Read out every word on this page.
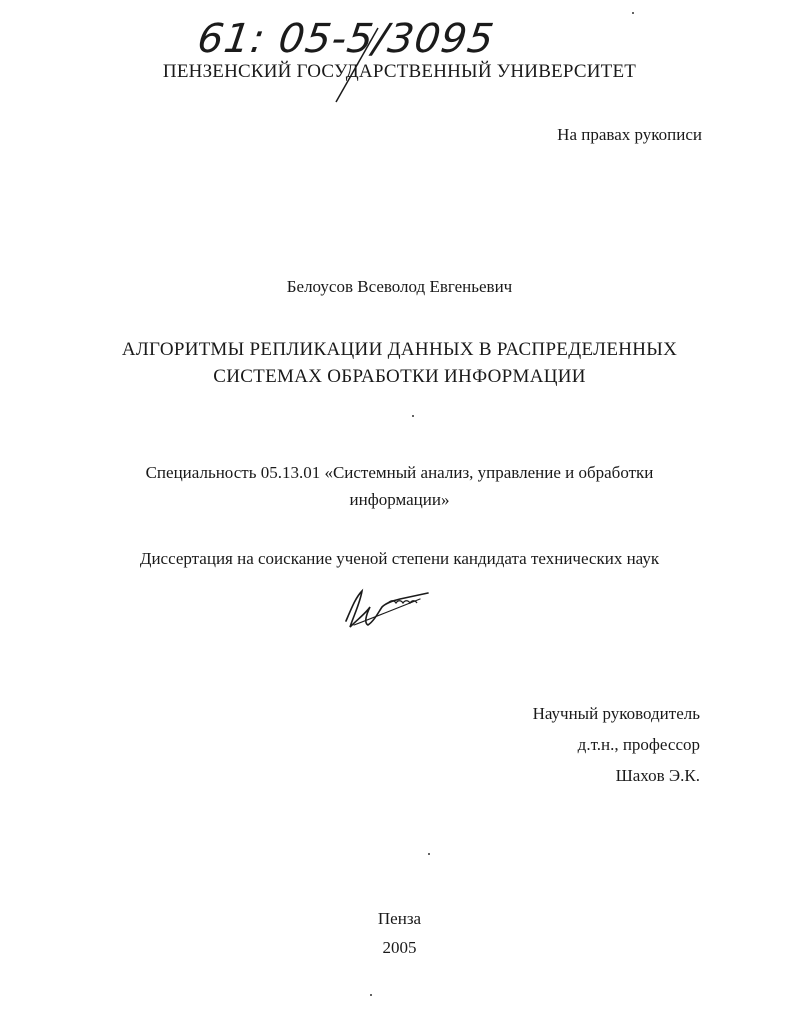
61: 05-5/3095
ПЕНЗЕНСКИЙ ГОСУДАРСТВЕННЫЙ УНИВЕРСИТЕТ
На правах рукописи
Белоусов Всеволод Евгеньевич
АЛГОРИТМЫ РЕПЛИКАЦИИ ДАННЫХ В РАСПРЕДЕЛЕННЫХ
СИСТЕМАХ ОБРАБОТКИ ИНФОРМАЦИИ
Специальность 05.13.01 «Системный анализ, управление и обработки
информации»
Диссертация на соискание ученой степени кандидата технических наук
Научный руководитель
д.т.н., профессор
Шахов Э.К.
Пенза
2005
